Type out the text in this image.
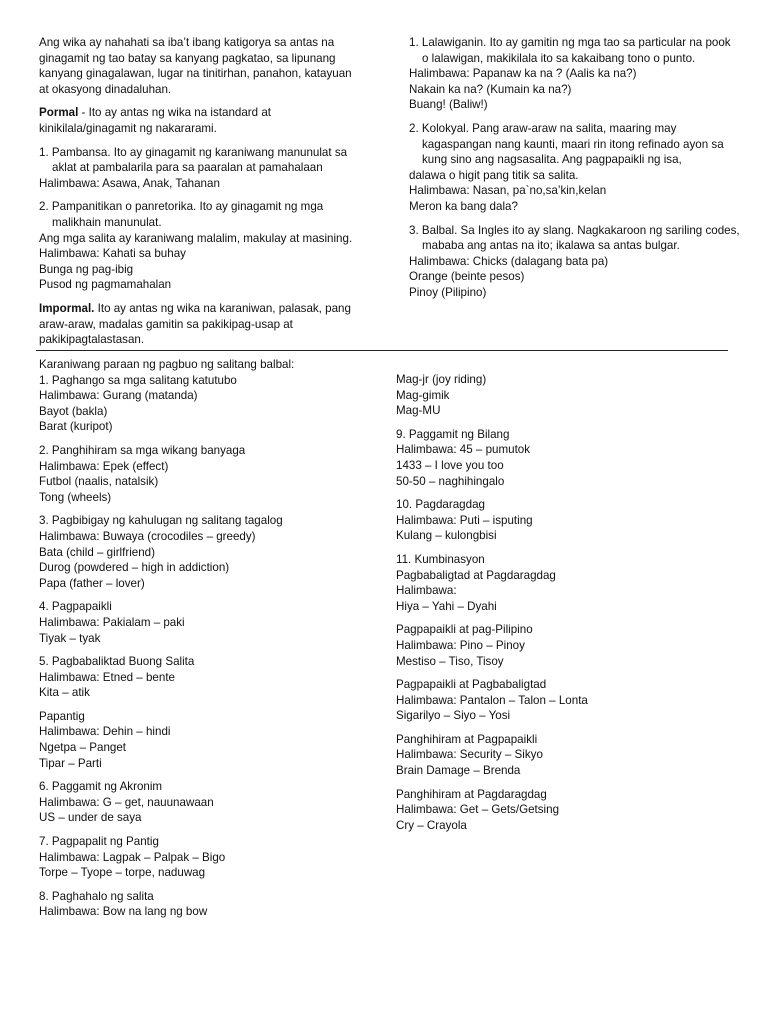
Ang wika ay nahahati sa iba’t ibang katigorya sa antas na ginagamit ng tao batay sa kanyang pagkatao, sa lipunang kanyang ginagalawan, lugar na tinitirhan, panahon, katayuan at okasyong dinadaluhan.

Pormal - Ito ay antas ng wika na istandard at kinikilala/ginagamit ng nakararami.

1. Pambansa. Ito ay ginagamit ng karaniwang manunulat sa
aklat at pambalarila para sa paaralan at pamahalaan
Halimbawa: Asawa, Anak, Tahanan
2. Pampanitikan o panretorika. Ito ay ginagamit ng mga
malikhain manunulat.
Ang mga salita ay karaniwang malalim, makulay at masining.
Halimbawa: Kahati sa buhay
Bunga ng pag-ibig
Pusod ng pagmamahalan

Impormal. Ito ay antas ng wika na karaniwan, palasak, pang araw-araw, madalas gamitin sa pakikipag-usap at pakikipagtalastasan.

1. Lalawiganin. Ito ay gamitin ng mga tao sa particular na pook
o lalawigan, makikilala ito sa kakaibang tono o punto.
Halimbawa: Papanaw ka na ? (Aalis ka na?)
Nakain ka na? (Kumain ka na?)
Buang! (Baliw!)
2. Kolokyal. Pang araw-araw na salita, maaring may
kagaspangan nang kaunti, maari rin itong refinado ayon sa
kung sino ang nagsasalita. Ang pagpapaikli ng isa,
dalawa o higit pang titik sa salita.
Halimbawa: Nasan, pa`no,sa’kin,kelan
Meron ka bang dala?
3. Balbal. Sa Ingles ito ay slang. Nagkakaroon ng sariling codes,
mababa ang antas na ito; ikalawa sa antas bulgar.
Halimbawa: Chicks (dalagang bata pa)
Orange (beinte pesos)
Pinoy (Pilipino)
Karaniwang paraan ng pagbuo ng salitang balbal:
1. Paghango sa mga salitang katutubo
Halimbawa: Gurang (matanda)
Bayot (bakla)
Barat (kuripot)
2. Panghihiram sa mga wikang banyaga
Halimbawa: Epek (effect)
Futbol (naalis, natalsik)
Tong (wheels)
3. Pagbibigay ng kahulugan ng salitang tagalog
Halimbawa: Buwaya (crocodiles – greedy)
Bata (child – girlfriend)
Durog (powdered – high in addiction)
Papa (father – lover)
4. Pagpapaikli
Halimbawa: Pakialam – paki
Tiyak – tyak
5. Pagbabaliktad Buong Salita
Halimbawa: Etned – bente
Kita – atik
Papantig
Halimbawa: Dehin – hindi
Ngetpa – Panget
Tipar – Parti
6. Paggamit ng Akronim
Halimbawa: G – get, nauunawaan
US – under de saya
7. Pagpapalit ng Pantig
Halimbawa: Lagpak – Palpak – Bigo
Torpe – Tyope – torpe, naduwag
8. Paghahalo ng salita
Halimbawa: Bow na lang ng bow
Mag-jr (joy riding)
Mag-gimik
Mag-MU
9. Paggamit ng Bilang
Halimbawa: 45 – pumutok
1433 – I love you too
50-50 – naghihingalo
10. Pagdaragdag
Halimbawa: Puti – isputing
Kulang – kulongbisi
11. Kumbinasyon
Pagbabaligtad at Pagdaragdag
Halimbawa:
Hiya – Yahi – Dyahi
Pagpapaikli at pag-Pilipino
Halimbawa: Pino – Pinoy
Mestiso – Tiso, Tisoy
Pagpapaikli at Pagbabaligtad
Halimbawa: Pantalon – Talon – Lonta
Sigarilyo – Siyo – Yosi
Panghihiram at Pagpapaikli
Halimbawa: Security – Sikyo
Brain Damage – Brenda
Panghihiram at Pagdaragdag
Halimbawa: Get – Gets/Getsing
Cry – Crayola
